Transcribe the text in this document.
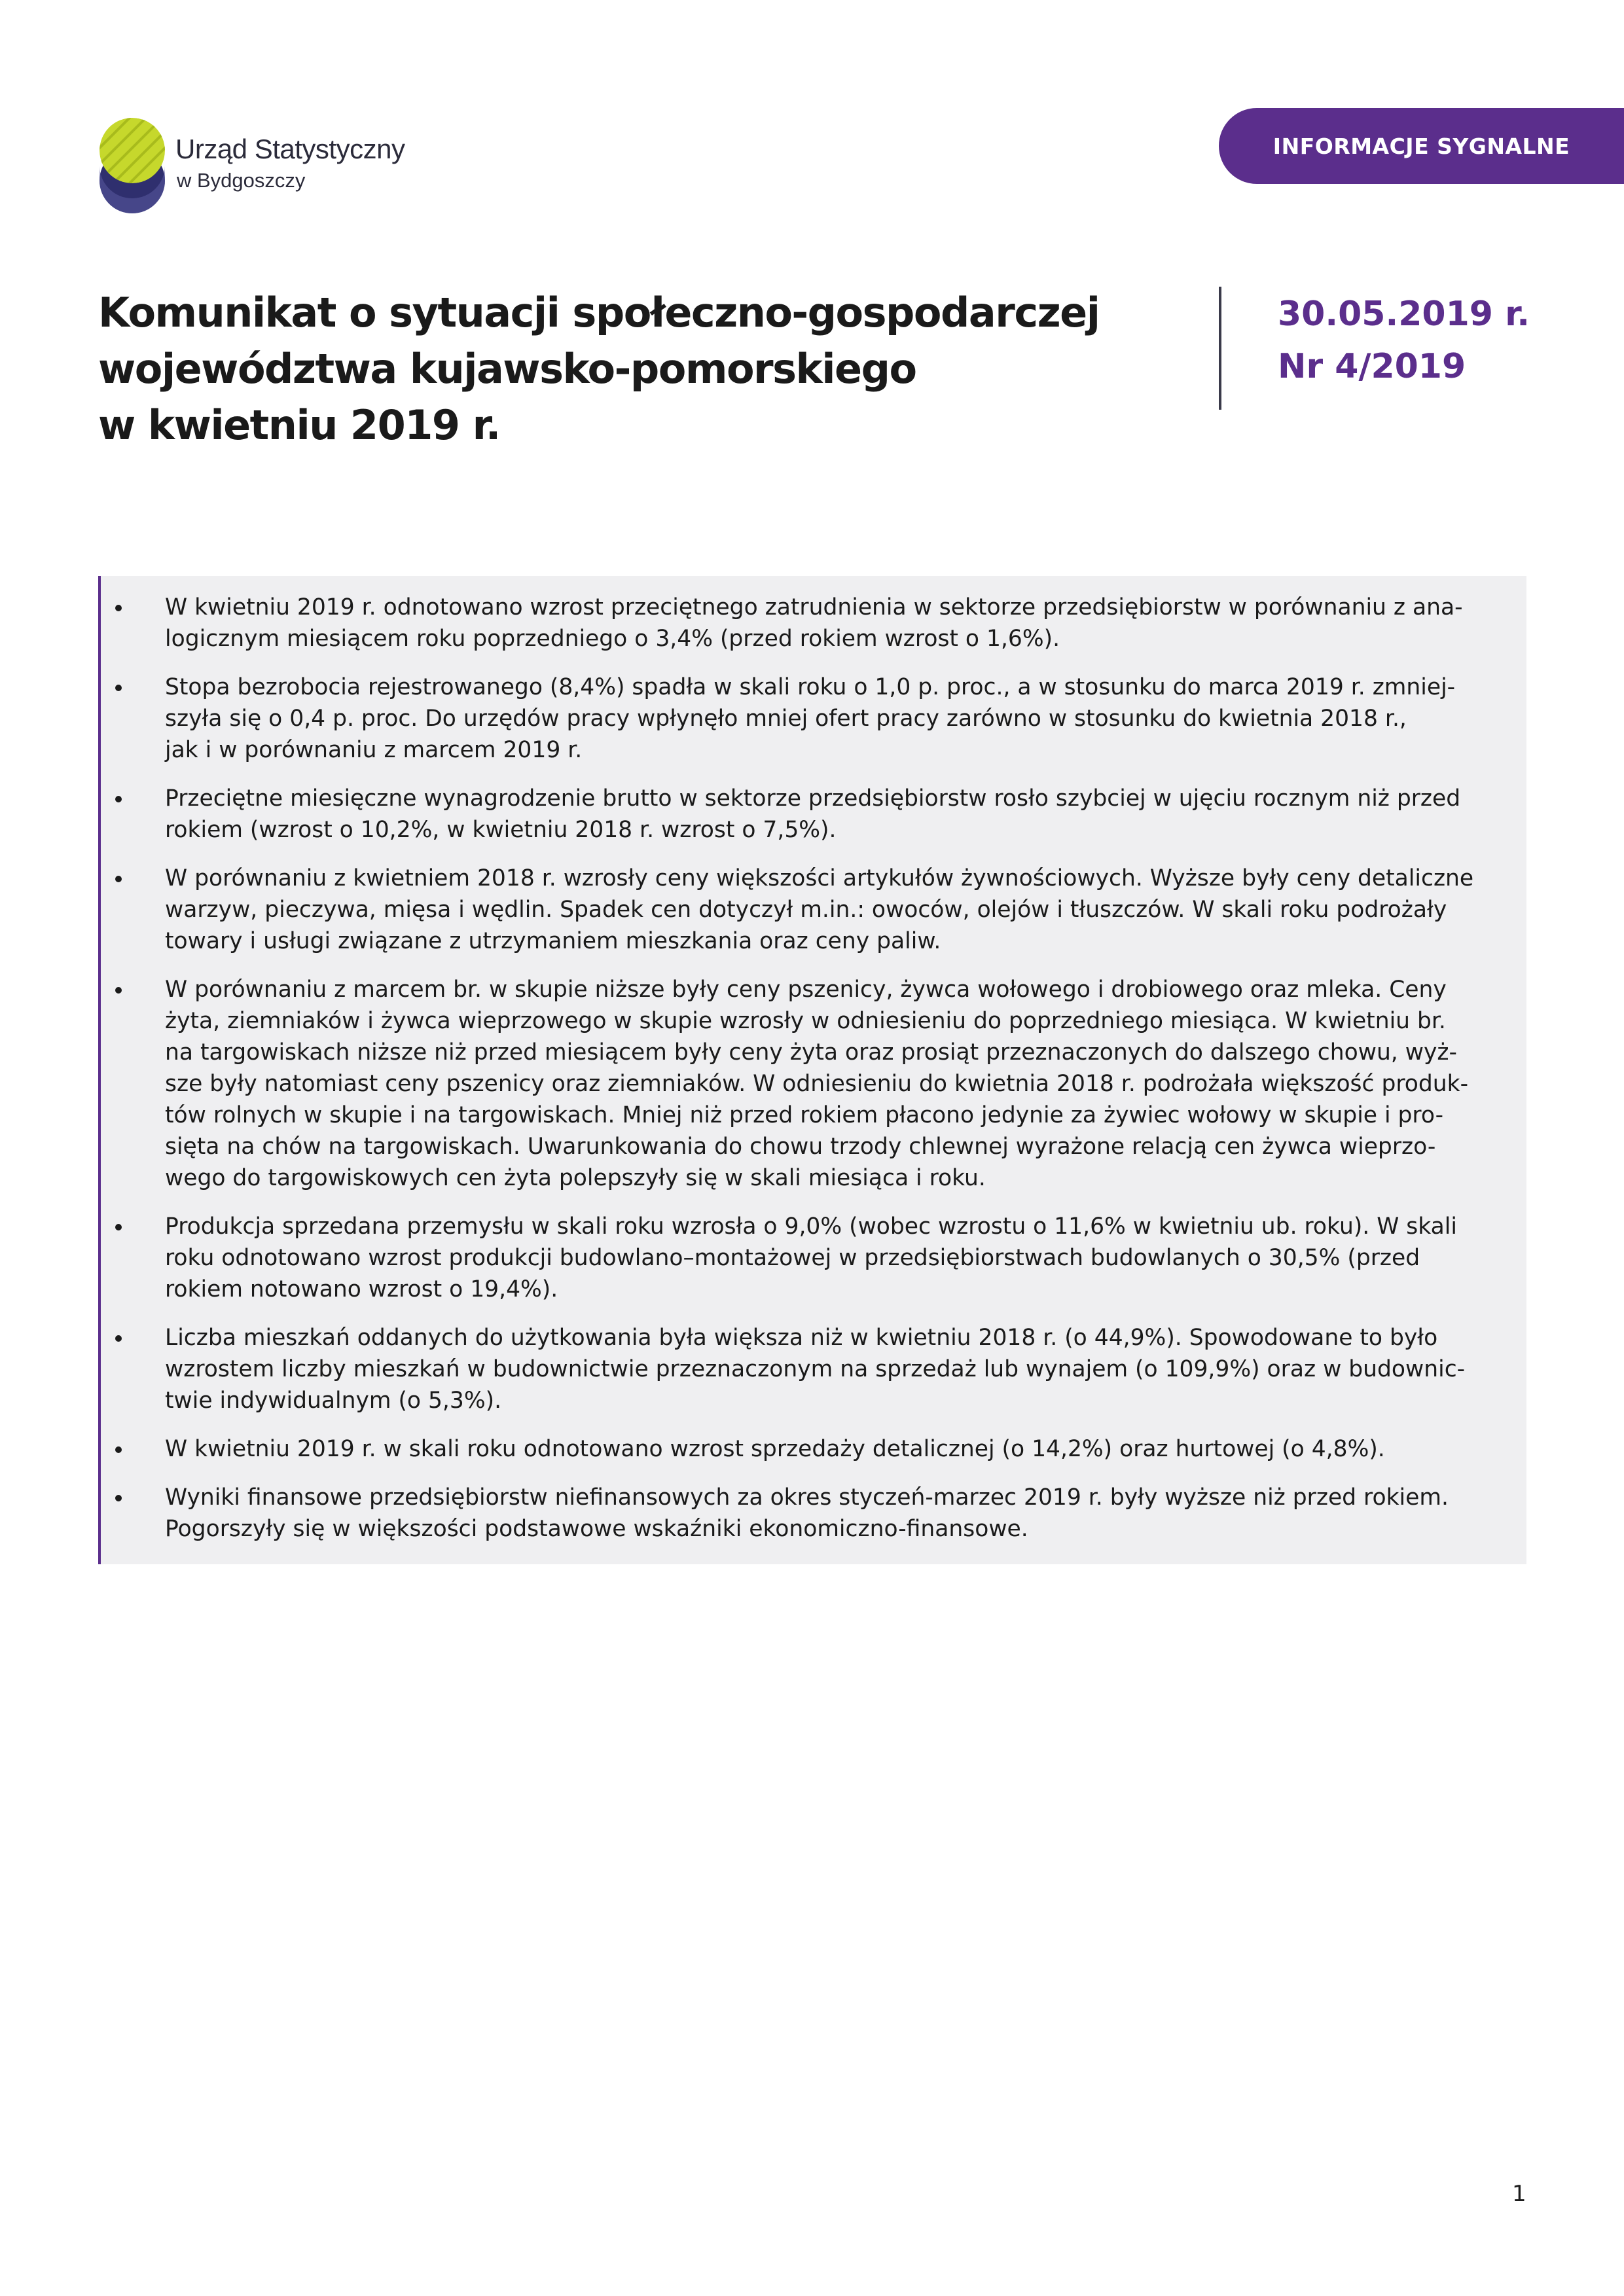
Urząd Statystyczny
w Bydgoszczy
INFORMACJE SYGNALNE
Komunikat o sytuacji społeczno-gospodarczej
województwa kujawsko-pomorskiego
w kwietniu 2019 r.
30.05.2019 r.
Nr 4/2019
W kwietniu 2019 r. odnotowano wzrost przeciętnego zatrudnienia w sektorze przedsiębiorstw w porównaniu z ana-
logicznym miesiącem roku poprzedniego o 3,4% (przed rokiem wzrost o 1,6%).
Stopa bezrobocia rejestrowanego (8,4%) spadła w skali roku o 1,0 p. proc., a w stosunku do marca 2019 r. zmniej-
szyła się o 0,4 p. proc. Do urzędów pracy wpłynęło mniej ofert pracy zarówno w stosunku do kwietnia 2018 r.,
jak i w porównaniu z marcem 2019 r.
Przeciętne miesięczne wynagrodzenie brutto w sektorze przedsiębiorstw rosło szybciej w ujęciu rocznym niż przed
rokiem (wzrost o 10,2%, w kwietniu 2018 r. wzrost o 7,5%).
W porównaniu z kwietniem 2018 r. wzrosły ceny większości artykułów żywnościowych. Wyższe były ceny detaliczne
warzyw, pieczywa, mięsa i wędlin. Spadek cen dotyczył m.in.: owoców, olejów i tłuszczów. W skali roku podrożały
towary i usługi związane z utrzymaniem mieszkania oraz ceny paliw.
W porównaniu z marcem br. w skupie niższe były ceny pszenicy, żywca wołowego i drobiowego oraz mleka. Ceny
żyta, ziemniaków i żywca wieprzowego w skupie wzrosły w odniesieniu do poprzedniego miesiąca. W kwietniu br.
na targowiskach niższe niż przed miesiącem były ceny żyta oraz prosiąt przeznaczonych do dalszego chowu, wyż-
sze były natomiast ceny pszenicy oraz ziemniaków. W odniesieniu do kwietnia 2018 r. podrożała większość produk-
tów rolnych w skupie i na targowiskach. Mniej niż przed rokiem płacono jedynie za żywiec wołowy w skupie i pro-
sięta na chów na targowiskach. Uwarunkowania do chowu trzody chlewnej wyrażone relacją cen żywca wieprzo-
wego do targowiskowych cen żyta polepszyły się w skali miesiąca i roku.
Produkcja sprzedana przemysłu w skali roku wzrosła o 9,0% (wobec wzrostu o 11,6% w kwietniu ub. roku). W skali
roku odnotowano wzrost produkcji budowlano–montażowej w przedsiębiorstwach budowlanych o 30,5% (przed
rokiem notowano wzrost o 19,4%).
Liczba mieszkań oddanych do użytkowania była większa niż w kwietniu 2018 r. (o 44,9%). Spowodowane to było
wzrostem liczby mieszkań w budownictwie przeznaczonym na sprzedaż lub wynajem (o 109,9%) oraz w budownic-
twie indywidualnym (o 5,3%).
W kwietniu 2019 r. w skali roku odnotowano wzrost sprzedaży detalicznej (o 14,2%) oraz hurtowej (o 4,8%).
Wyniki finansowe przedsiębiorstw niefinansowych za okres styczeń-marzec 2019 r. były wyższe niż przed rokiem.
Pogorszyły się w większości podstawowe wskaźniki ekonomiczno-finansowe.
1
